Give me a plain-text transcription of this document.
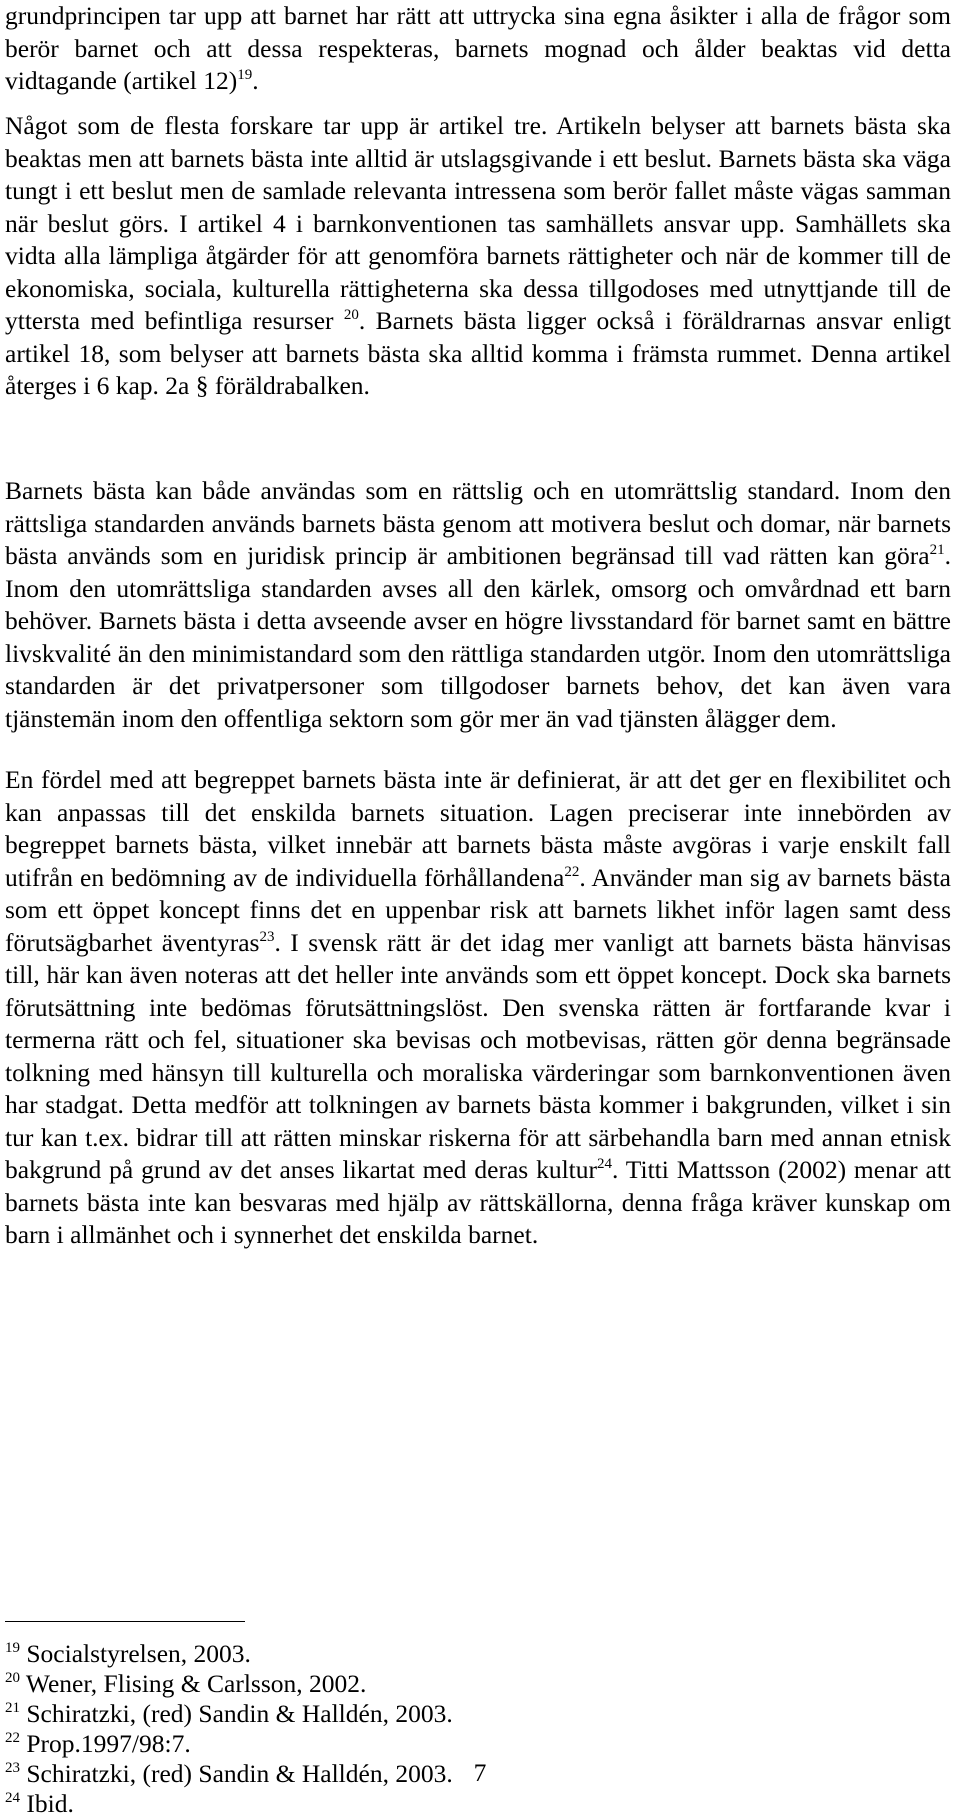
grundprincipen tar upp att barnet har rätt att uttrycka sina egna åsikter i alla de frågor som berör barnet och att dessa respekteras, barnets mognad och ålder beaktas vid detta vidtagande (artikel 12)$^{19}$.

Något som de flesta forskare tar upp är artikel tre. Artikeln belyser att barnets bästa ska beaktas men att barnets bästa inte alltid är utslagsgivande i ett beslut. Barnets bästa ska väga tungt i ett beslut men de samlade relevanta intressena som berör fallet måste vägas samman när beslut görs. I artikel 4 i barnkonventionen tas samhällets ansvar upp. Samhällets ska vidta alla lämpliga åtgärder för att genomföra barnets rättigheter och när de kommer till de ekonomiska, sociala, kulturella rättigheterna ska dessa tillgodoses med utnyttjande till de yttersta med befintliga resurser $^{20}$. Barnets bästa ligger också i föräldrarnas ansvar enligt artikel 18, som belyser att barnets bästa ska alltid komma i främsta rummet. Denna artikel återges i 6 kap. 2a § föräldrabalken.

Barnets bästa kan både användas som en rättslig och en utomrättslig standard. Inom den rättsliga standarden används barnets bästa genom att motivera beslut och domar, när barnets bästa används som en juridisk princip är ambitionen begränsad till vad rätten kan göra$^{21}$. Inom den utomrättsliga standarden avses all den kärlek, omsorg och omvårdnad ett barn behöver. Barnets bästa i detta avseende avser en högre livsstandard för barnet samt en bättre livskvalité än den minimistandard som den rättliga standarden utgör. Inom den utomrättsliga standarden är det privatpersoner som tillgodoser barnets behov, det kan även vara tjänstemän inom den offentliga sektorn som gör mer än vad tjänsten ålägger dem.

En fördel med att begreppet barnets bästa inte är definierat, är att det ger en flexibilitet och kan anpassas till det enskilda barnets situation. Lagen preciserar inte innebörden av begreppet barnets bästa, vilket innebär att barnets bästa måste avgöras i varje enskilt fall utifrån en bedömning av de individuella förhållandena$^{22}$. Använder man sig av barnets bästa som ett öppet koncept finns det en uppenbar risk att barnets likhet inför lagen samt dess förutsägbarhet äventyras$^{23}$. I svensk rätt är det idag mer vanligt att barnets bästa hänvisas till, här kan även noteras att det heller inte används som ett öppet koncept. Dock ska barnets förutsättning inte bedömas förutsättningslöst. Den svenska rätten är fortfarande kvar i termerna rätt och fel, situationer ska bevisas och motbevisas, rätten gör denna begränsade tolkning med hänsyn till kulturella och moraliska värderingar som barnkonventionen även har stadgat. Detta medför att tolkningen av barnets bästa kommer i bakgrunden, vilket i sin tur kan t.ex. bidrar till att rätten minskar riskerna för att särbehandla barn med annan etnisk bakgrund på grund av det anses likartat med deras kultur$^{24}$. Titti Mattsson (2002) menar att barnets bästa inte kan besvaras med hjälp av rättskällorna, denna fråga kräver kunskap om barn i allmänhet och i synnerhet det enskilda barnet.

$^{19}$ Socialstyrelsen, 2003.
$^{20}$ Wener, Flising & Carlsson, 2002.
$^{21}$ Schiratzki, (red) Sandin & Halldén, 2003.
$^{22}$ Prop.1997/98:7.
$^{23}$ Schiratzki, (red) Sandin & Halldén, 2003.
$^{24}$ Ibid.
7
